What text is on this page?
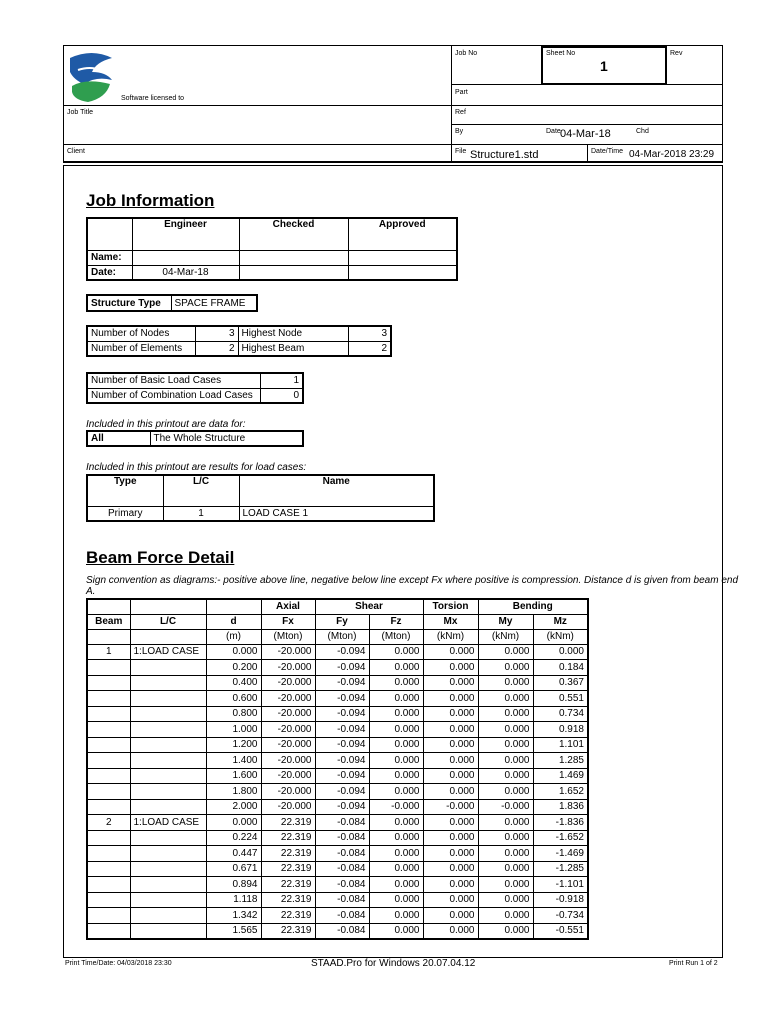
Software licensed to
Job No	Sheet No
1
Rev
Part
Job Title	Ref
By	Date 04-Mar-18	Chd
Client	File Structure1.std	Date/Time 04-Mar-2018 23:29
Job Information
	Engineer	Checked	Approved
Name:			
Date:	04-Mar-18		
Structure Type	SPACE FRAME
Number of Nodes	3	Highest Node	3
Number of Elements	2	Highest Beam	2
Number of Basic Load Cases	1
Number of Combination Load Cases	0
Included in this printout are data for:
All	The Whole Structure
Included in this printout are results for load cases:
Type	L/C	Name
Primary	1	LOAD CASE 1
Beam Force Detail
Sign convention as diagrams:- positive above line, negative below line except Fx where positive is compression. Distance d is given from beam end
A.
			Axial	Shear		Torsion	Bending	
Beam	L/C	d	Fx	Fy	Fz	Mx	My	Mz
		(m)	(Mton)	(Mton)	(Mton)	(kNm)	(kNm)	(kNm)
1	1:LOAD CASE	0.000	-20.000	-0.094	0.000	0.000	0.000	0.000
		0.200	-20.000	-0.094	0.000	0.000	0.000	0.184
		0.400	-20.000	-0.094	0.000	0.000	0.000	0.367
		0.600	-20.000	-0.094	0.000	0.000	0.000	0.551
		0.800	-20.000	-0.094	0.000	0.000	0.000	0.734
		1.000	-20.000	-0.094	0.000	0.000	0.000	0.918
		1.200	-20.000	-0.094	0.000	0.000	0.000	1.101
		1.400	-20.000	-0.094	0.000	0.000	0.000	1.285
		1.600	-20.000	-0.094	0.000	0.000	0.000	1.469
		1.800	-20.000	-0.094	0.000	0.000	0.000	1.652
		2.000	-20.000	-0.094	-0.000	-0.000	-0.000	1.836
2	1:LOAD CASE	0.000	22.319	-0.084	0.000	0.000	0.000	-1.836
		0.224	22.319	-0.084	0.000	0.000	0.000	-1.652
		0.447	22.319	-0.084	0.000	0.000	0.000	-1.469
		0.671	22.319	-0.084	0.000	0.000	0.000	-1.285
		0.894	22.319	-0.084	0.000	0.000	0.000	-1.101
		1.118	22.319	-0.084	0.000	0.000	0.000	-0.918
		1.342	22.319	-0.084	0.000	0.000	0.000	-0.734
		1.565	22.319	-0.084	0.000	0.000	0.000	-0.551
Print Time/Date: 04/03/2018 23:30	STAAD.Pro for Windows 20.07.04.12	Print Run 1 of 2
